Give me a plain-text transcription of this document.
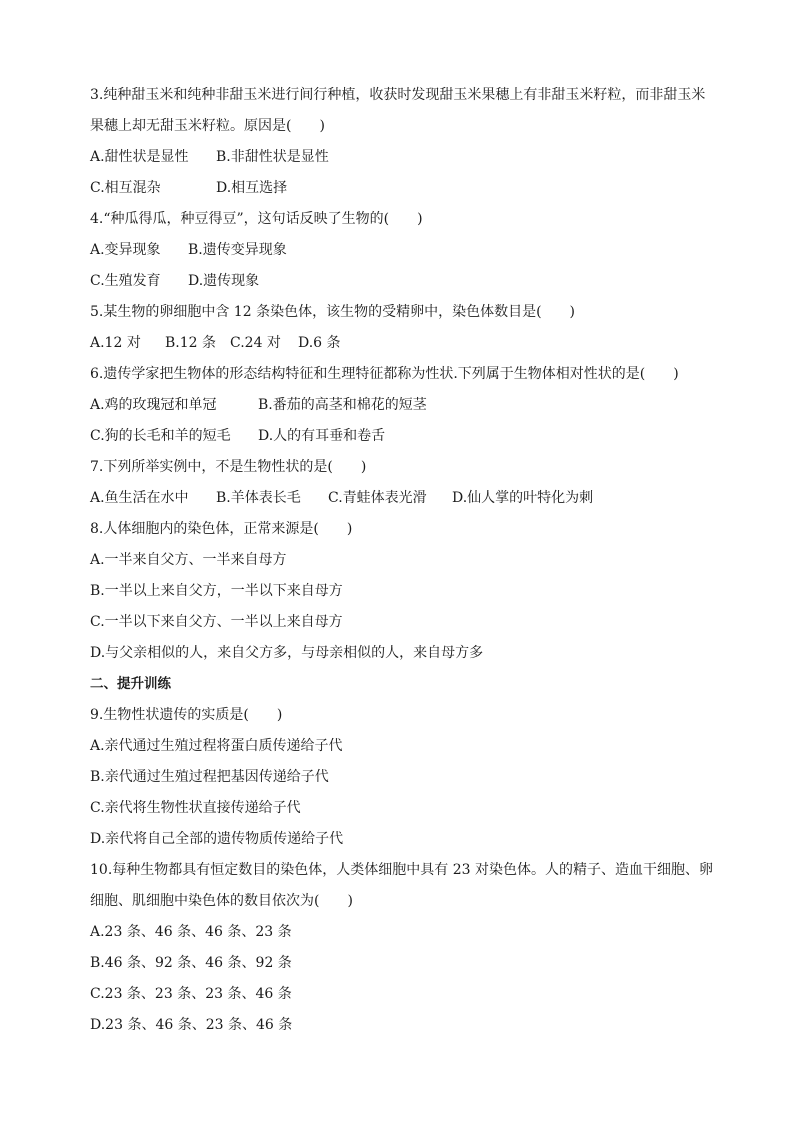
3.纯种甜玉米和纯种非甜玉米进行间行种植，收获时发现甜玉米果穗上有非甜玉米籽粒，而非甜玉米
果穗上却无甜玉米籽粒。原因是(　　)
A.甜性状是显性	B.非甜性状是显性
C.相互混杂	D.相互选择
4.“种瓜得瓜，种豆得豆”，这句话反映了生物的(　　)
A.变异现象	B.遗传变异现象
C.生殖发育	D.遗传现象
5.某生物的卵细胞中含 12 条染色体，该生物的受精卵中，染色体数目是(　　)
A.12 对	B.12 条 C.24 对	D.6 条
6.遗传学家把生物体的形态结构特征和生理特征都称为性状.下列属于生物体相对性状的是(　　)
A.鸡的玫瑰冠和单冠	B.番茄的高茎和棉花的短茎
C.狗的长毛和羊的短毛	D.人的有耳垂和卷舌
7.下列所举实例中，不是生物性状的是(　　)
A.鱼生活在水中	B.羊体表长毛	C.青蛙体表光滑	D.仙人掌的叶特化为刺
8.人体细胞内的染色体，正常来源是(　　)
A.一半来自父方、一半来自母方
B.一半以上来自父方，一半以下来自母方
C.一半以下来自父方、一半以上来自母方
D.与父亲相似的人，来自父方多，与母亲相似的人，来自母方多
二、提升训练
9.生物性状遗传的实质是(　　)
A.亲代通过生殖过程将蛋白质传递给子代
B.亲代通过生殖过程把基因传递给子代
C.亲代将生物性状直接传递给子代
D.亲代将自己全部的遗传物质传递给子代
10.每种生物都具有恒定数目的染色体，人类体细胞中具有 23 对染色体。人的精子、造血干细胞、卵
细胞、肌细胞中染色体的数目依次为(　　)
A.23 条、46 条、46 条、23 条
B.46 条、92 条、46 条、92 条
C.23 条、23 条、23 条、46 条
D.23 条、46 条、23 条、46 条
